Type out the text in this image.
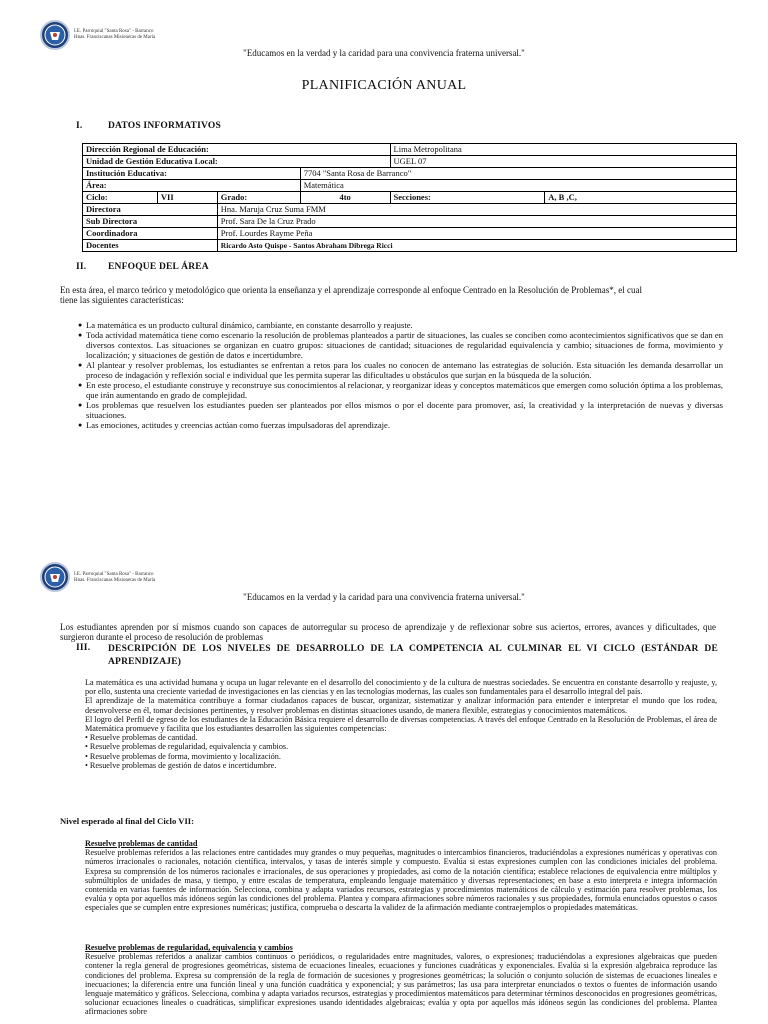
I.E. Parroquial "Santa Rosa" - Barranco
Hnas. Franciscanas Misioneras de María
"Educamos en la verdad y la caridad para una convivencia fraterna universal."
PLANIFICACIÓN ANUAL
I.	DATOS INFORMATIVOS
Dirección Regional de Educación:				Lima Metropolitana	
Unidad de Gestión Educativa Local:				UGEL 07	
Institución Educativa:			7704 "Santa Rosa de Barranco"		
Área:			Matemática		
Ciclo:	VII	Grado:	4to	Secciones:	A, B ,C,
Directora		Hna. Maruja Cruz Suma FMM			
Sub Directora		Prof. Sara De la Cruz Prado			
Coordinadora		Prof. Lourdes Rayme Peña			
Docentes		Ricardo Asto Quispe - Santos Abraham Dibrega Ricci			
II. ENFOQUE DEL ÁREA
En esta área, el marco teórico y metodológico que orienta la enseñanza y el aprendizaje corresponde al enfoque Centrado en la Resolución de Problemas*, el cual
tiene las siguientes características:
● La matemática es un producto cultural dinámico, cambiante, en constante desarrollo y reajuste.
● Toda actividad matemática tiene como escenario la resolución de problemas planteados a partir de situaciones, las cuales se conciben como acontecimientos significativos que se dan en diversos contextos. Las situaciones se organizan en cuatro grupos: situaciones de cantidad; situaciones de regularidad equivalencia y cambio; situaciones de forma, movimiento y localización; y situaciones de gestión de datos e incertidumbre.
● Al plantear y resolver problemas, los estudiantes se enfrentan a retos para los cuales no conocen de antemano las estrategias de solución. Esta situación les demanda desarrollar un proceso de indagación y reflexión social e individual que les permita superar las dificultades u obstáculos que surjan en la búsqueda de la solución.
● En este proceso, el estudiante construye y reconstruye sus conocimientos al relacionar, y reorganizar ideas y conceptos matemáticos que emergen como solución óptima a los problemas, que irán aumentando en grado de complejidad.
● Los problemas que resuelven los estudiantes pueden ser planteados por ellos mismos o por el docente para promover, así, la creatividad y la interpretación de nuevas y diversas situaciones.
● Las emociones, actitudes y creencias actúan como fuerzas impulsadoras del aprendizaje.
I.E. Parroquial "Santa Rosa" - Barranco
Hnas. Franciscanas Misioneras de María
"Educamos en la verdad y la caridad para una convivencia fraterna universal."
Los estudiantes aprenden por sí mismos cuando son capaces de autorregular su proceso de aprendizaje y de reflexionar sobre sus aciertos, errores, avances y dificultades, que surgieron durante el proceso de resolución de problemas
III. DESCRIPCIÓN DE LOS NIVELES DE DESARROLLO DE LA COMPETENCIA AL CULMINAR EL VI CICLO (ESTÁNDAR DE APRENDIZAJE)
La matemática es una actividad humana y ocupa un lugar relevante en el desarrollo del conocimiento y de la cultura de nuestras sociedades. Se encuentra en constante desarrollo y reajuste, y, por ello, sustenta una creciente variedad de investigaciones en las ciencias y en las tecnologías modernas, las cuales son fundamentales para el desarrollo integral del país.
El aprendizaje de la matemática contribuye a formar ciudadanos capaces de buscar, organizar, sistematizar y analizar información para entender e interpretar el mundo que los rodea, desenvolverse en él, tomar decisiones pertinentes, y resolver problemas en distintas situaciones usando, de manera flexible, estrategias y conocimientos matemáticos.
El logro del Perfil de egreso de los estudiantes de la Educación Básica requiere el desarrollo de diversas competencias. A través del enfoque Centrado en la Resolución de Problemas, el área de Matemática promueve y facilita que los estudiantes desarrollen las siguientes competencias:
• Resuelve problemas de cantidad.
• Resuelve problemas de regularidad, equivalencia y cambios.
• Resuelve problemas de forma, movimiento y localización.
• Resuelve problemas de gestión de datos e incertidumbre.
Nivel esperado al final del Ciclo VII:
Resuelve problemas de cantidad
Resuelve problemas referidos a las relaciones entre cantidades muy grandes o muy pequeñas, magnitudes o intercambios financieros, traduciéndolas a expresiones numéricas y operativas con números irracionales o racionales, notación científica, intervalos, y tasas de interés simple y compuesto. Evalúa si estas expresiones cumplen con las condiciones iniciales del problema. Expresa su comprensión de los números racionales e irracionales, de sus operaciones y propiedades, así como de la notación científica; establece relaciones de equivalencia entre múltiplos y submúltiplos de unidades de masa, y tiempo, y entre escalas de temperatura, empleando lenguaje matemático y diversas representaciones; en base a esto interpreta e integra información contenida en varias fuentes de información. Selecciona, combina y adapta variados recursos, estrategias y procedimientos matemáticos de cálculo y estimación para resolver problemas, los evalúa y opta por aquellos más idóneos según las condiciones del problema. Plantea y compara afirmaciones sobre números racionales y sus propiedades, formula enunciados opuestos o casos especiales que se cumplen entre expresiones numéricas; justifica, comprueba o descarta la validez de la afirmación mediante contraejemplos o propiedades matemáticas.
Resuelve problemas de regularidad, equivalencia y cambios
Resuelve problemas referidos a analizar cambios continuos o periódicos, o regularidades entre magnitudes, valores, o expresiones; traduciéndolas a expresiones algebraicas que pueden contener la regla general de progresiones geométricas, sistema de ecuaciones lineales, ecuaciones y funciones cuadráticas y exponenciales. Evalúa si la expresión algebraica reproduce las condiciones del problema. Expresa su comprensión de la regla de formación de sucesiones y progresiones geométricas; la solución o conjunto solución de sistemas de ecuaciones lineales e inecuaciones; la diferencia entre una función lineal y una función cuadrática y exponencial; y sus parámetros; las usa para interpretar enunciados o textos o fuentes de información usando lenguaje matemático y gráficos. Selecciona, combina y adapta variados recursos, estrategias y procedimientos matemáticos para determinar términos desconocidos en progresiones geométricas, solucionar ecuaciones lineales o cuadráticas, simplificar expresiones usando identidades algebraicas; evalúa y opta por aquellos más idóneos según las condiciones del problema. Plantea afirmaciones sobre
